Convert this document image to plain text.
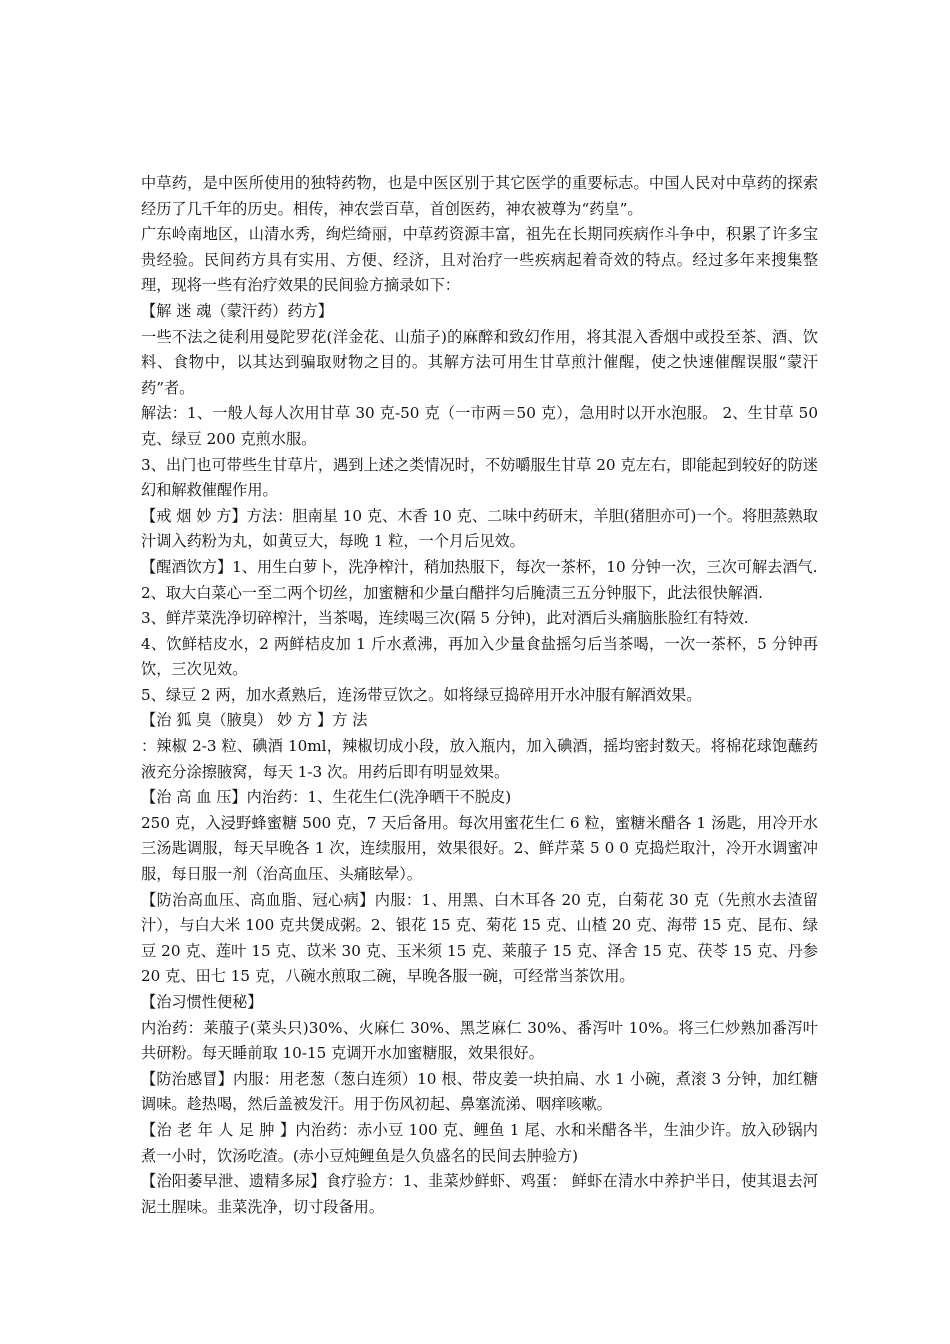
中草药，是中医所使用的独特药物，也是中医区别于其它医学的重要标志。中国人民对中草药的探索经历了几千年的历史。相传，神农尝百草，首创医药，神农被尊为“药皇”。

广东岭南地区，山清水秀，绚烂绮丽，中草药资源丰富，祖先在长期同疾病作斗争中，积累了许多宝贵经验。民间药方具有实用、方便、经济，且对治疗一些疾病起着奇效的特点。经过多年来搜集整理，现将一些有治疗效果的民间验方摘录如下：

【解 迷 魂（蒙汗药）药方】

一些不法之徒利用曼陀罗花(洋金花、山茄子)的麻醉和致幻作用，将其混入香烟中或投至茶、酒、饮料、食物中，以其达到骗取财物之目的。其解方法可用生甘草煎汁催醒，使之快速催醒误服“蒙汗药”者。

解法：1、一般人每人次用甘草 30 克-50 克（一市两＝50 克），急用时以开水泡服。 2、生甘草 50 克、绿豆 200 克煎水服。

3、出门也可带些生甘草片，遇到上述之类情况时，不妨嚼服生甘草 20 克左右，即能起到较好的防迷幻和解救催醒作用。

【戒 烟 妙 方】方法：胆南星 10 克、木香 10 克、二味中药研末，羊胆(猪胆亦可)一个。将胆蒸熟取汁调入药粉为丸，如黄豆大，每晚 1 粒，一个月后见效。

【醒酒饮方】1、用生白萝卜，洗净榨汁，稍加热服下，每次一茶杯，10 分钟一次，三次可解去酒气.

2、取大白菜心一至二两个切丝，加蜜糖和少量白醋拌匀后腌渍三五分钟服下，此法很快解酒.

3、鲜芹菜洗净切碎榨汁，当茶喝，连续喝三次(隔 5 分钟)，此对酒后头痛脑胀脸红有特效.

4、饮鲜桔皮水，2 两鲜桔皮加 1 斤水煮沸，再加入少量食盐摇匀后当茶喝，一次一茶杯，5 分钟再饮，三次见效。

5、绿豆 2 两，加水煮熟后，连汤带豆饮之。如将绿豆捣碎用开水冲服有解酒效果。

【治 狐 臭（腋臭） 妙 方 】方 法

：辣椒 2-3 粒、碘酒 10ml，辣椒切成小段，放入瓶内，加入碘酒，摇均密封数天。将棉花球饱蘸药液充分涂擦腋窝，每天 1-3 次。用药后即有明显效果。

【治 高 血 压】内治药：1、生花生仁(洗净晒干不脱皮)

250 克，入浸野蜂蜜糖 500 克，7 天后备用。每次用蜜花生仁 6 粒，蜜糖米醋各 1 汤匙，用冷开水三汤匙调服，每天早晚各 1 次，连续服用，效果很好。2、鲜芹菜 5 0 0 克捣烂取汁，冷开水调蜜冲服，每日服一剂（治高血压、头痛眩晕）。

【防治高血压、高血脂、冠心病】内服：1、用黑、白木耳各 20 克，白菊花 30 克（先煎水去渣留汁），与白大米 100 克共煲成粥。2、银花 15 克、菊花 15 克、山楂 20 克、海带 15 克、昆布、绿豆 20 克、莲叶 15 克、苡米 30 克、玉米须 15 克、莱菔子 15 克、泽舍 15 克、茯苓 15 克、丹参 20 克、田七 15 克，八碗水煎取二碗，早晚各服一碗，可经常当茶饮用。

【治习惯性便秘】

内治药：莱菔子(菜头只)30%、火麻仁 30%、黑芝麻仁 30%、番泻叶 10%。将三仁炒熟加番泻叶共研粉。每天睡前取 10-15 克调开水加蜜糖服，效果很好。

【防治感冒】内服：用老葱（葱白连须）10 根、带皮姜一块拍扁、水 1 小碗，煮滚 3 分钟，加红糖调味。趁热喝，然后盖被发汗。用于伤风初起、鼻塞流涕、咽痒咳嗽。

【治 老 年 人 足 肿 】内治药：赤小豆 100 克、鲤鱼 1 尾、水和米醋各半，生油少许。放入砂锅内煮一小时，饮汤吃渣。(赤小豆炖鲤鱼是久负盛名的民间去肿验方)

【治阳萎早泄、遗精多尿】食疗验方：1、韭菜炒鲜虾、鸡蛋： 鲜虾在清水中养护半日，使其退去河泥土腥味。韭菜洗净，切寸段备用。
